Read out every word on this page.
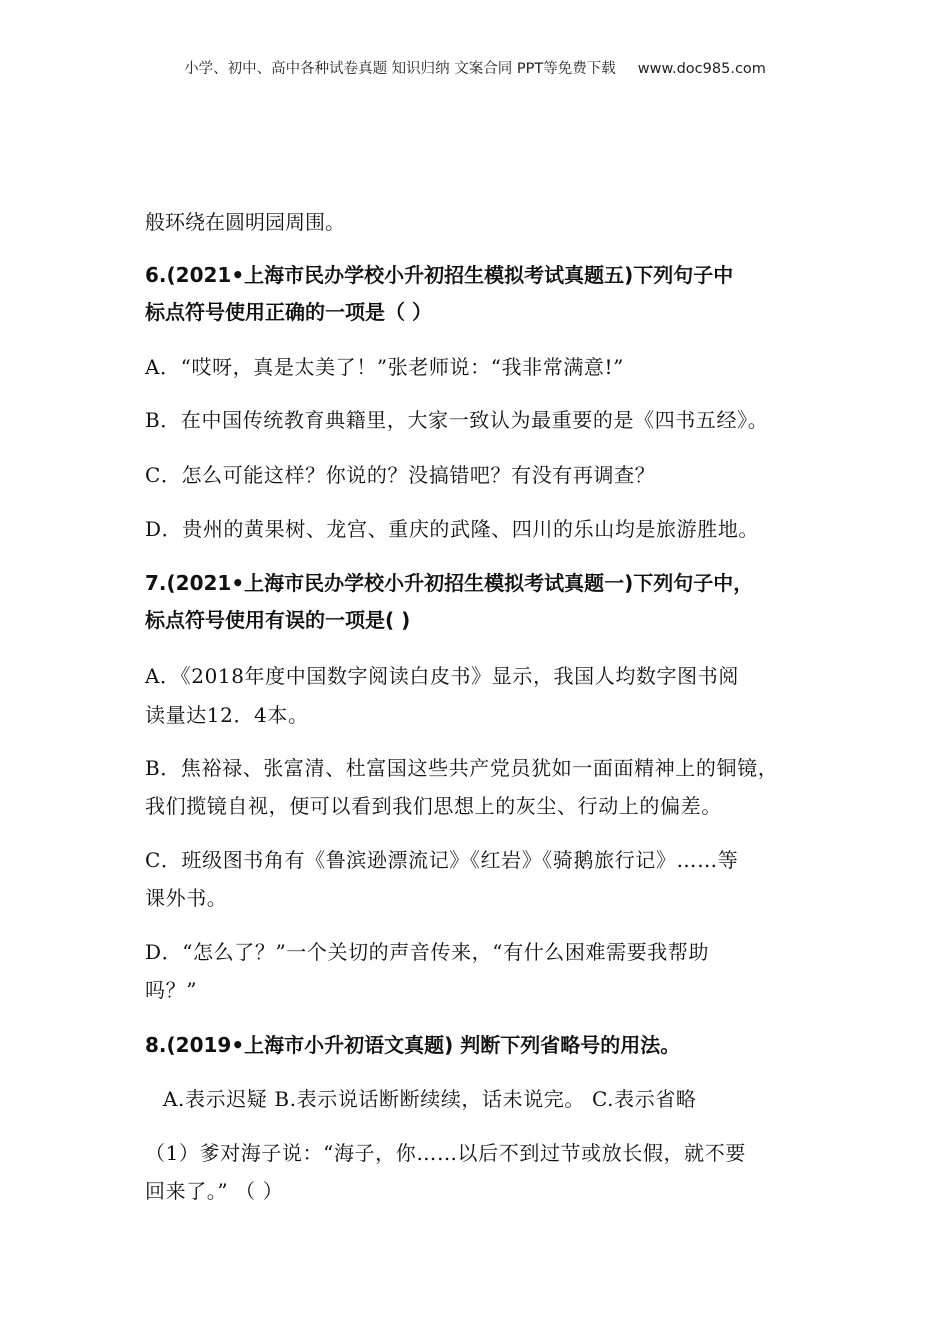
小学、初中、高中各种试卷真题 知识归纳 文案合同 PPT等免费下载 www.doc985.com
般环绕在圆明园周围。
6.(2021•上海市民办学校小升初招生模拟考试真题五)下列句子中
标点符号使用正确的一项是（ ）
A．“哎呀，真是太美了！”张老师说：“我非常满意!”
B．在中国传统教育典籍里，大家一致认为最重要的是《四书五经》。
C．怎么可能这样？你说的？没搞错吧？有没有再调查？
D．贵州的黄果树、龙宫、重庆的武隆、四川的乐山均是旅游胜地。
7.(2021•上海市民办学校小升初招生模拟考试真题一)下列句子中，
标点符号使用有误的一项是( )
A．《2018年度中国数字阅读白皮书》显示，我国人均数字图书阅
读量达12．4本。
B．焦裕禄、张富清、杜富国这些共产党员犹如一面面精神上的铜镜，
我们揽镜自视，便可以看到我们思想上的灰尘、行动上的偏差。
C．班级图书角有《鲁滨逊漂流记》《红岩》《骑鹅旅行记》……等
课外书。
D．“怎么了？”一个关切的声音传来，“有什么困难需要我帮助
吗？”
8.(2019•上海市小升初语文真题) 判断下列省略号的用法。
A.表示迟疑 B.表示说话断断续续，话未说完。 C.表示省略
（1）爹对海子说：“海子，你……以后不到过节或放长假，就不要
回来了。” （ ）
